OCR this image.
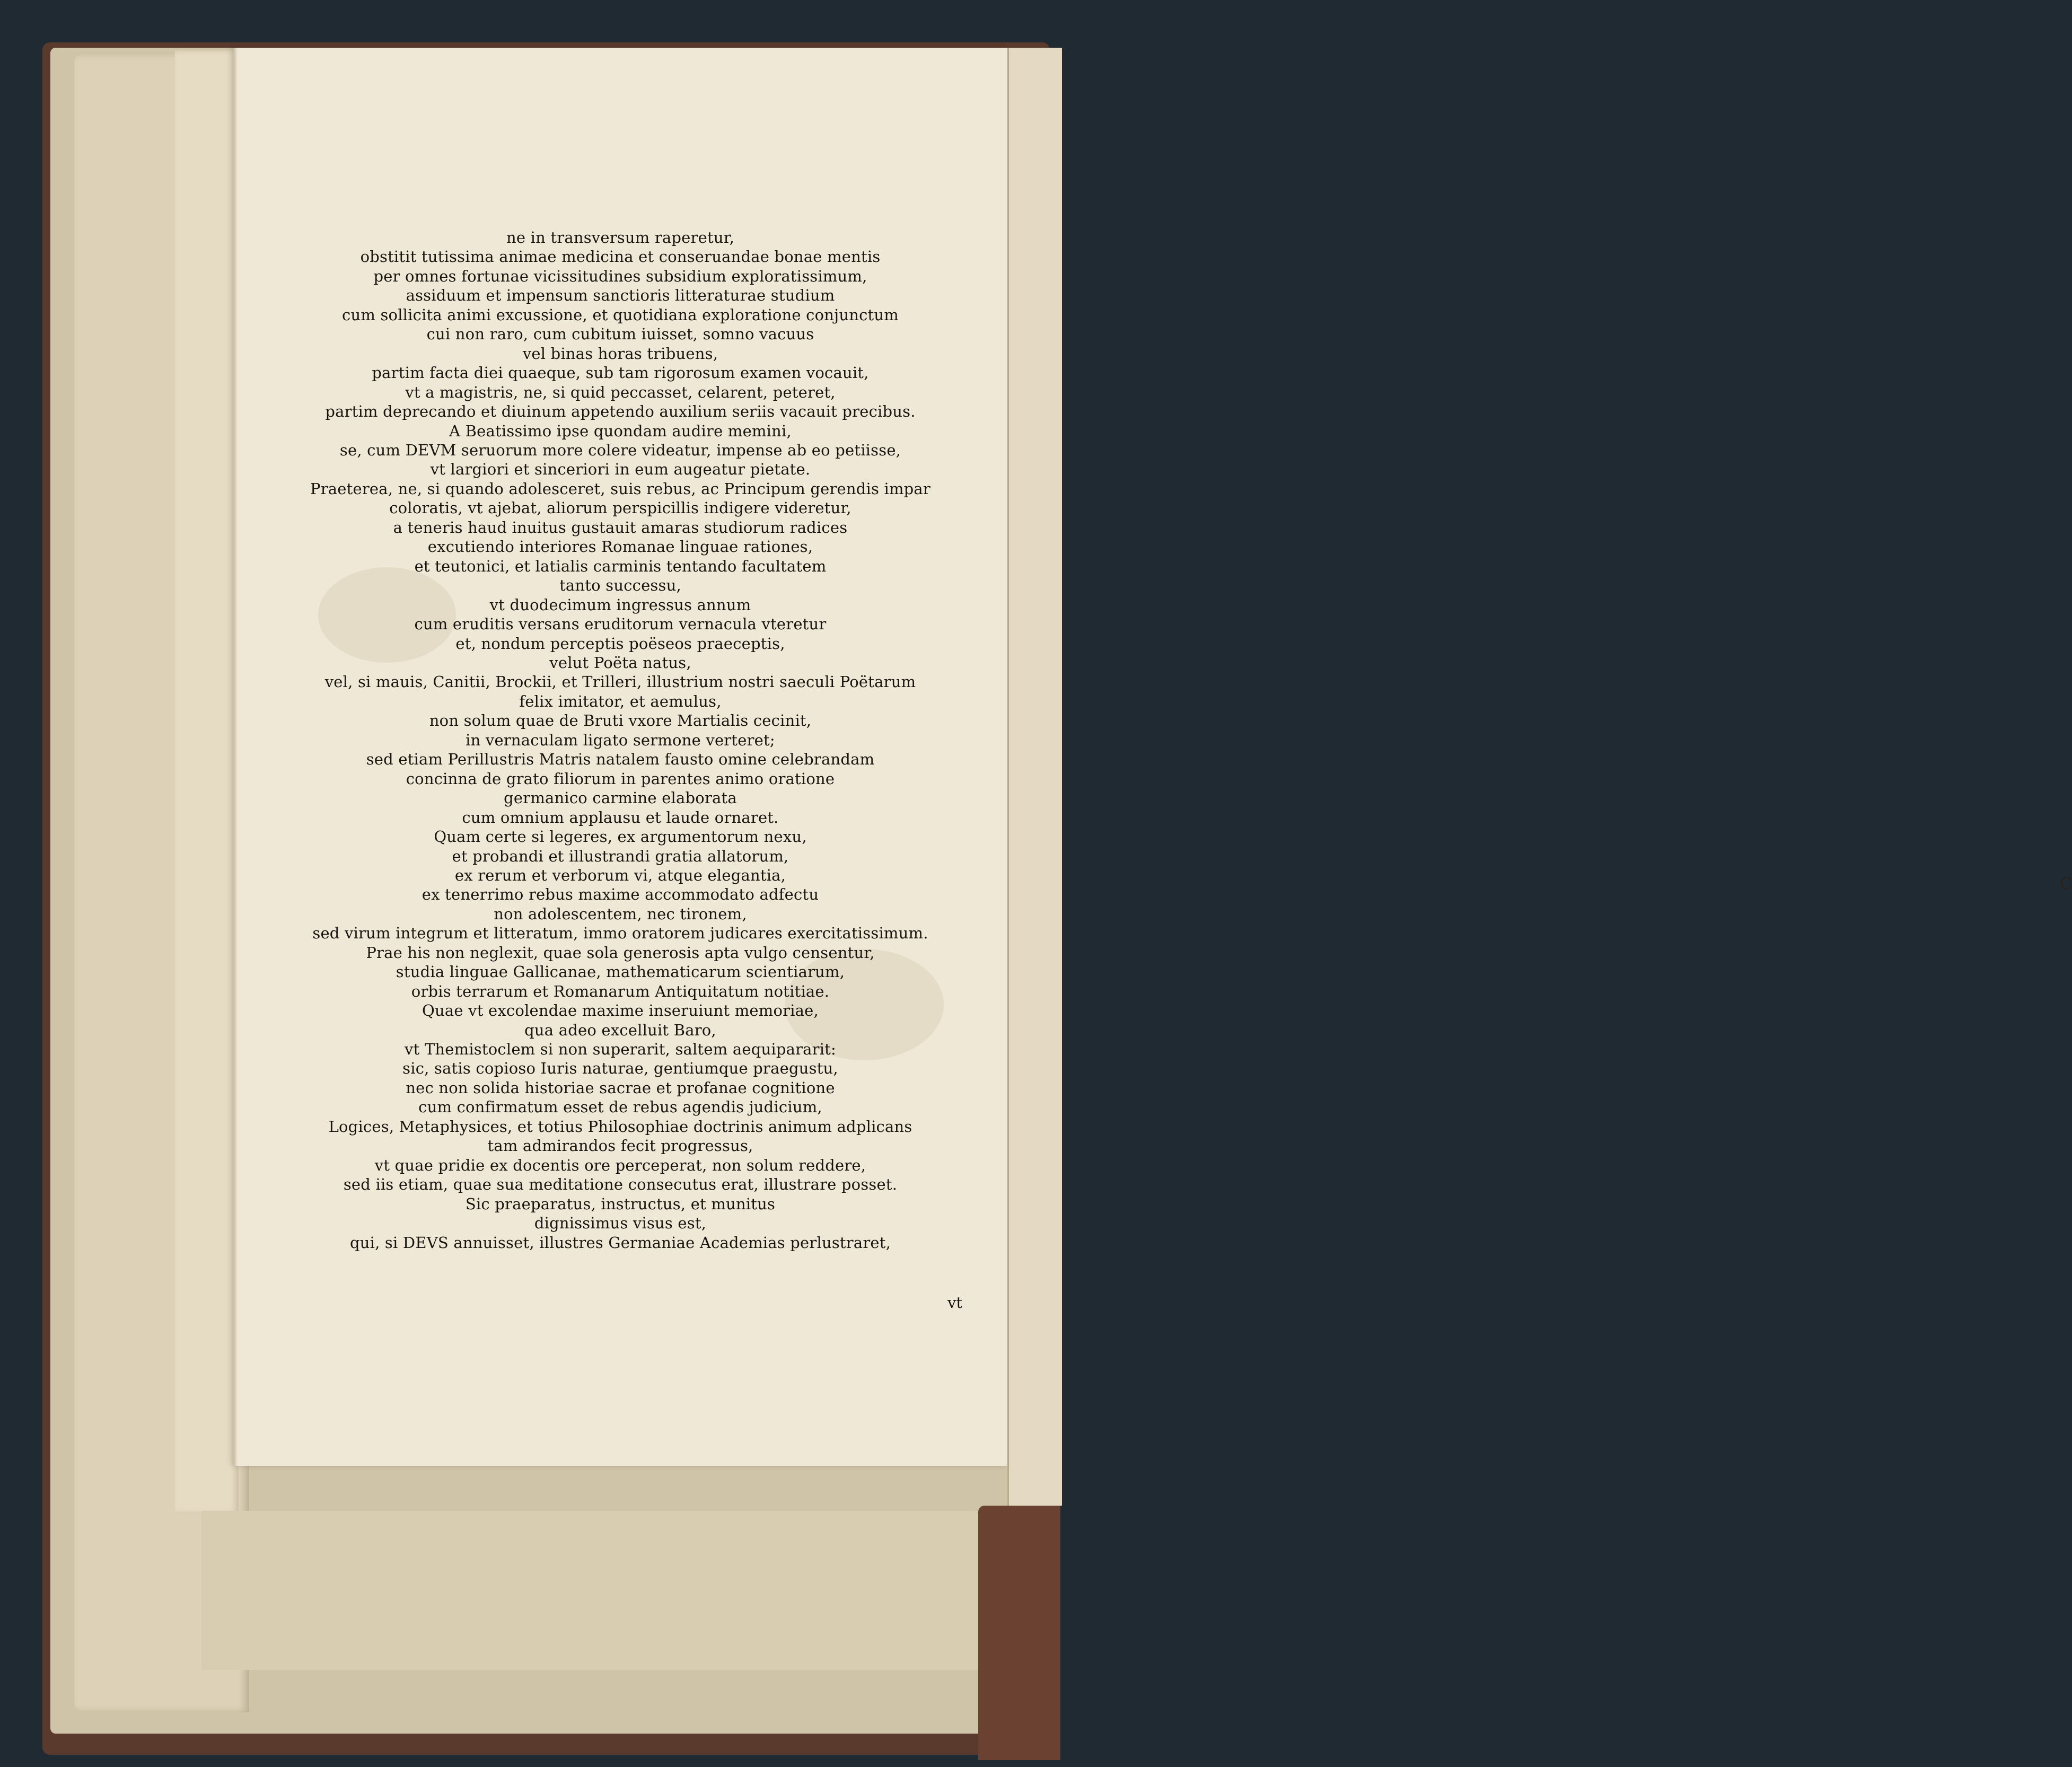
C
ne in transversum raperetur,
obstitit tutissima animae medicina et conseruandae bonae mentis
per omnes fortunae vicissitudines subsidium exploratissimum,
assiduum et impensum sanctioris litteraturae studium
cum sollicita animi excussione, et quotidiana exploratione conjunctum
cui non raro, cum cubitum iuisset, somno vacuus
vel binas horas tribuens,
partim facta diei quaeque, sub tam rigorosum examen vocauit,
vt a magistris, ne, si quid peccasset, celarent, peteret,
partim deprecando et diuinum appetendo auxilium seriis vacauit precibus.
A Beatissimo ipse quondam audire memini,
se, cum DEVM seruorum more colere videatur, impense ab eo petiisse,
vt largiori et sinceriori in eum augeatur pietate.
Praeterea, ne, si quando adolesceret, suis rebus, ac Principum gerendis impar
coloratis, vt ajebat, aliorum perspicillis indigere videretur,
a teneris haud inuitus gustauit amaras studiorum radices
excutiendo interiores Romanae linguae rationes,
et teutonici, et latialis carminis tentando facultatem
tanto successu,
vt duodecimum ingressus annum
cum eruditis versans eruditorum vernacula vteretur
et, nondum perceptis poëseos praeceptis,
velut Poëta natus,
vel, si mauis, Canitii, Brockii, et Trilleri, illustrium nostri saeculi Poëtarum
felix imitator, et aemulus,
non solum quae de Bruti vxore Martialis cecinit,
in vernaculam ligato sermone verteret;
sed etiam Perillustris Matris natalem fausto omine celebrandam
concinna de grato filiorum in parentes animo oratione
germanico carmine elaborata
cum omnium applausu et laude ornaret.
Quam certe si legeres, ex argumentorum nexu,
et probandi et illustrandi gratia allatorum,
ex rerum et verborum vi, atque elegantia,
ex tenerrimo rebus maxime accommodato adfectu
non adolescentem, nec tironem,
sed virum integrum et litteratum, immo oratorem judicares exercitatissimum.
Prae his non neglexit, quae sola generosis apta vulgo censentur,
studia linguae Gallicanae, mathematicarum scientiarum,
orbis terrarum et Romanarum Antiquitatum notitiae.
Quae vt excolendae maxime inseruiunt memoriae,
qua adeo excelluit Baro,
vt Themistoclem si non superarit, saltem aequipararit:
sic, satis copioso Iuris naturae, gentiumque praegustu,
nec non solida historiae sacrae et profanae cognitione
cum confirmatum esset de rebus agendis judicium,
Logices, Metaphysices, et totius Philosophiae doctrinis animum adplicans
tam admirandos fecit progressus,
vt quae pridie ex docentis ore perceperat, non solum reddere,
sed iis etiam, quae sua meditatione consecutus erat, illustrare posset.
Sic praeparatus, instructus, et munitus
dignissimus visus est,
qui, si DEVS annuisset, illustres Germaniae Academias perlustraret,
vt
